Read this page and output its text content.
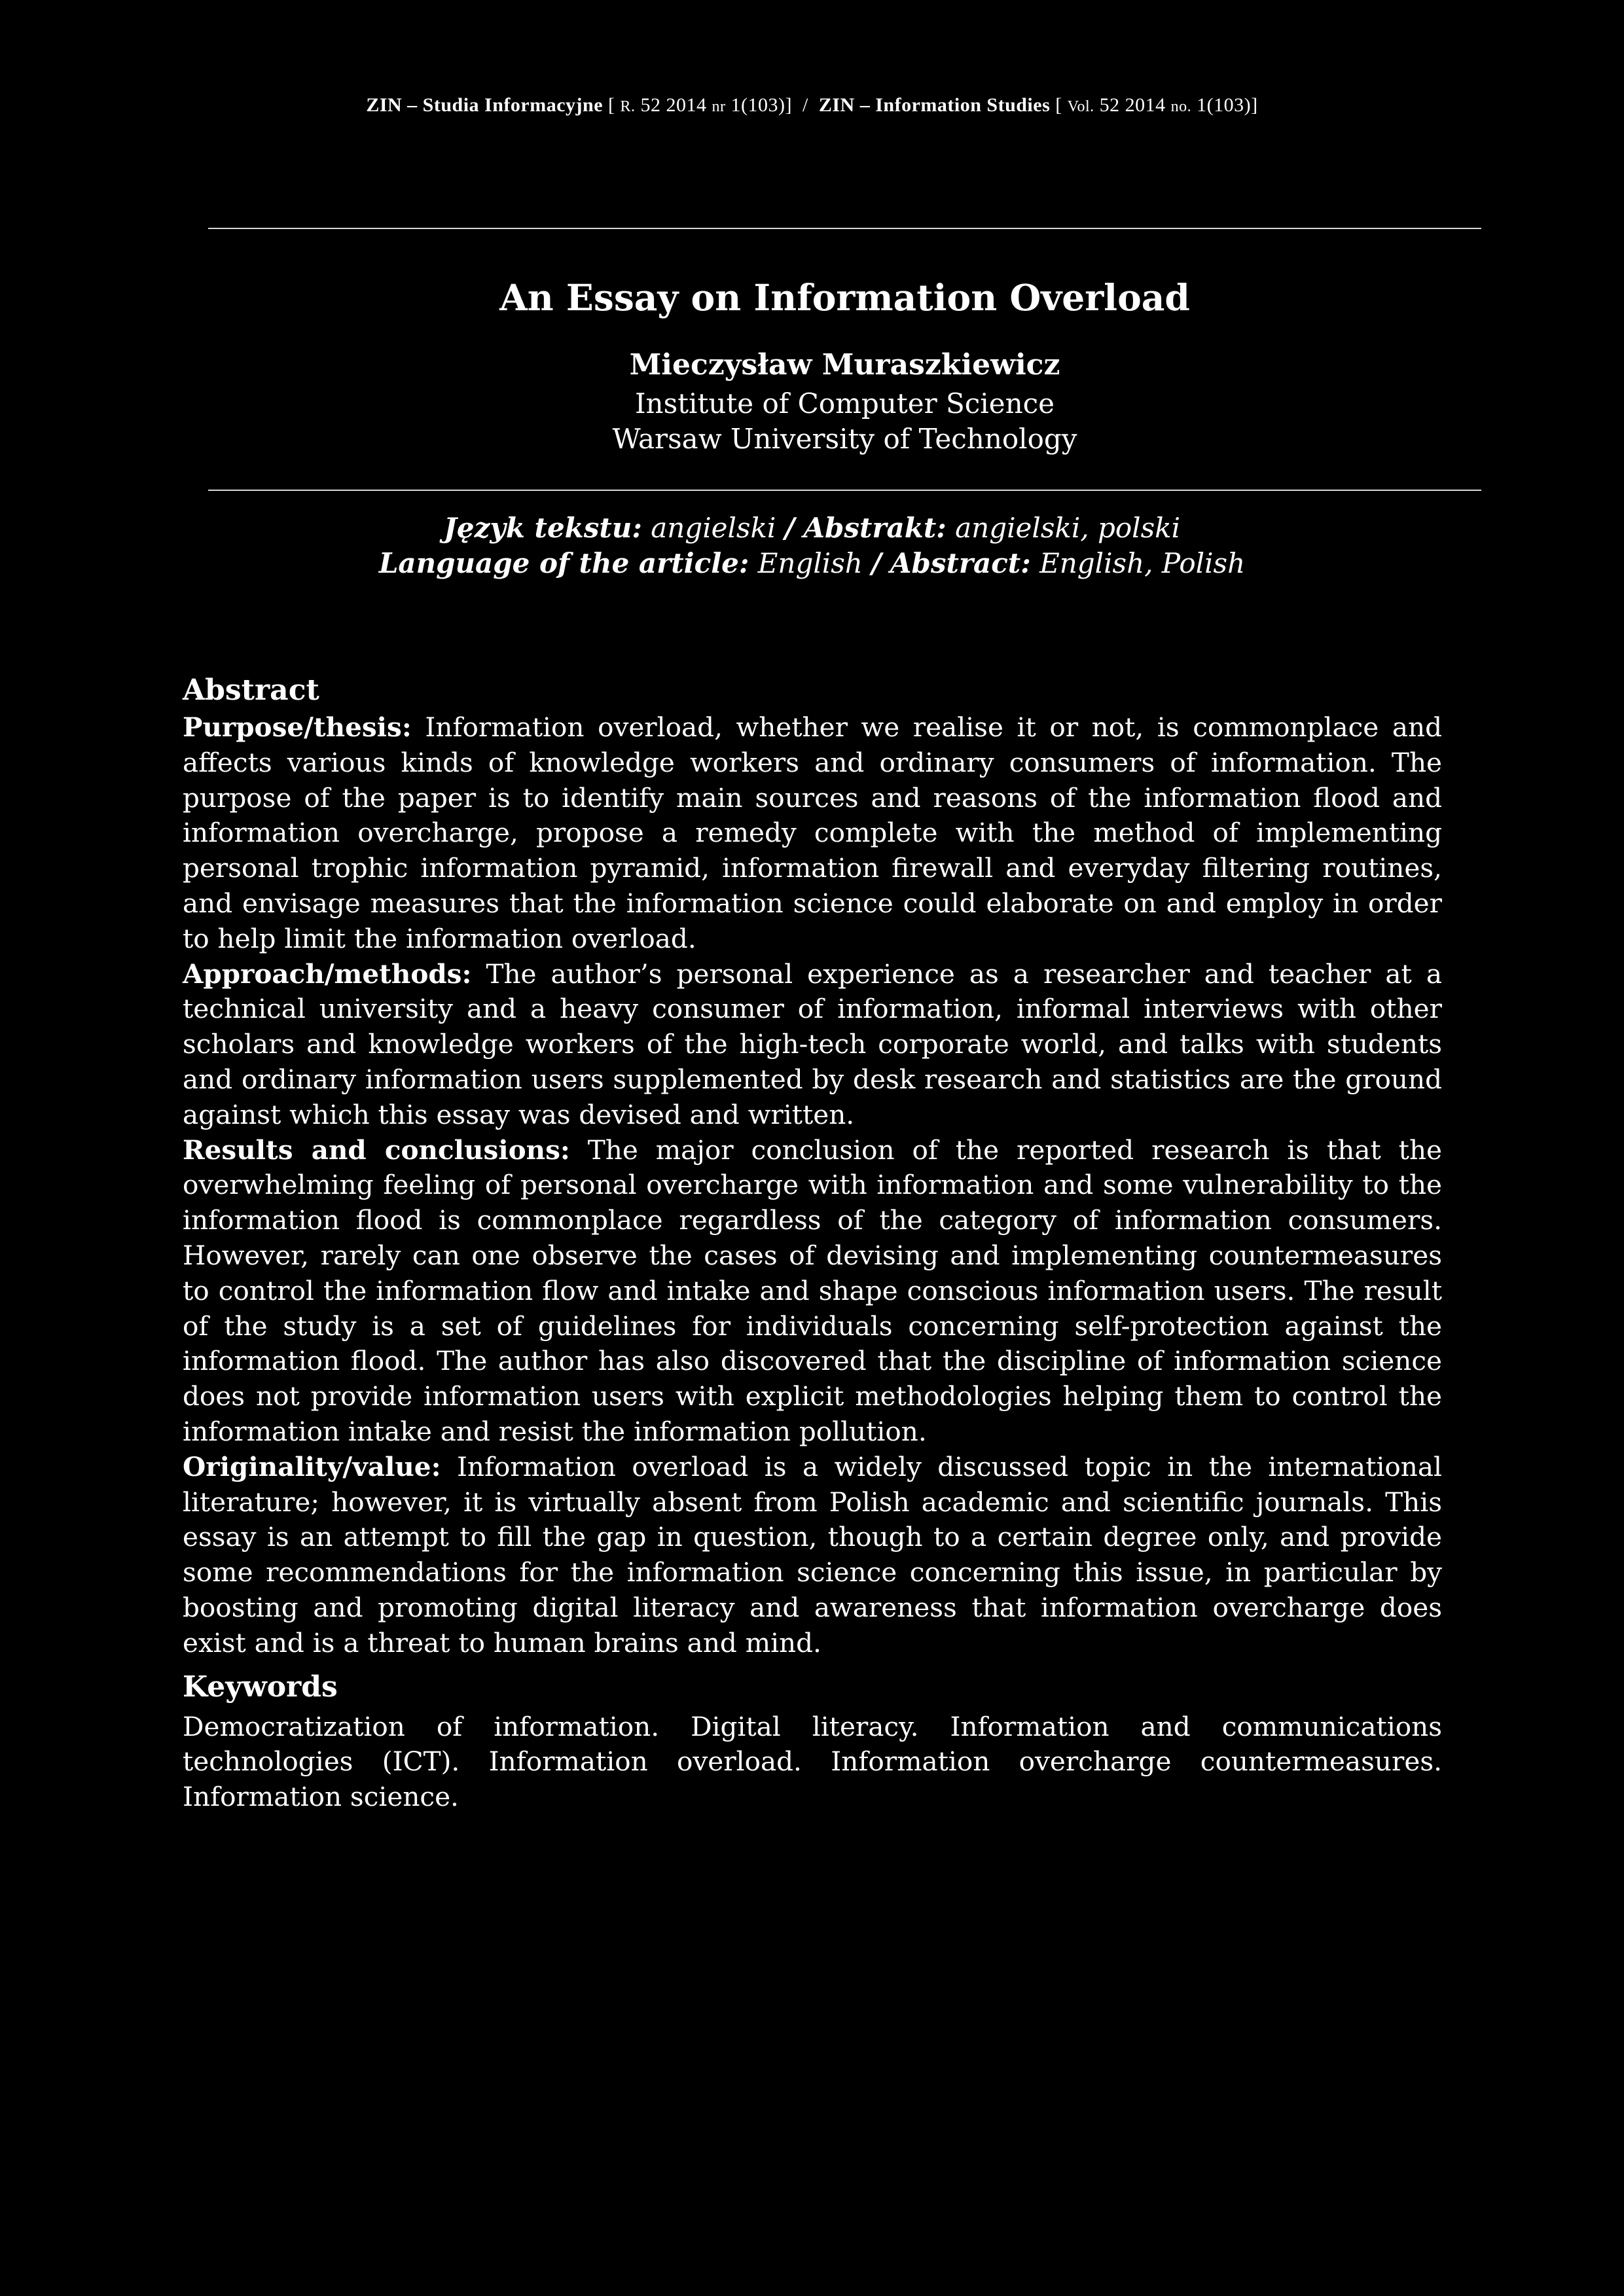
ZIN – Studia Informacyjne [ R. 52 2014 nr 1(103)] / ZIN – Information Studies [ Vol. 52 2014 no. 1(103)]
An Essay on Information Overload
Mieczysław Muraszkiewicz
Institute of Computer Science
Warsaw University of Technology
Język tekstu: angielski / Abstrakt: angielski, polski
Language of the article: English / Abstract: English, Polish
Abstract

Purpose/thesis: Information overload, whether we realise it or not, is commonplace and affects various kinds of knowledge workers and ordinary consumers of information. The purpose of the paper is to identify main sources and reasons of the information flood and information overcharge, propose a remedy complete with the method of implementing personal trophic information pyramid, information firewall and everyday filtering routines, and envisage measures that the information science could elaborate on and employ in order to help limit the information overload.

Approach/methods: The author’s personal experience as a researcher and teacher at a technical university and a heavy consumer of information, informal interviews with other scholars and knowledge workers of the high-tech corporate world, and talks with students and ordinary information users supplemented by desk research and statistics are the ground against which this essay was devised and written.

Results and conclusions: The major conclusion of the reported research is that the overwhelming feeling of personal overcharge with information and some vulnerability to the information flood is commonplace regardless of the category of information consumers. However, rarely can one observe the cases of devising and implementing countermeasures to control the information flow and intake and shape conscious information users. The result of the study is a set of guidelines for individuals concerning self-protection against the information flood. The author has also discovered that the discipline of information science does not provide information users with explicit methodologies helping them to control the information intake and resist the information pollution.

Originality/value: Information overload is a widely discussed topic in the international literature; however, it is virtually absent from Polish academic and scientific journals. This essay is an attempt to fill the gap in question, though to a certain degree only, and provide some recommendations for the information science concerning this issue, in particular by boosting and promoting digital literacy and awareness that information overcharge does exist and is a threat to human brains and mind.

Keywords

Democratization of information. Digital literacy. Information and communications technologies (ICT). Information overload. Information overcharge countermeasures. Information science.
